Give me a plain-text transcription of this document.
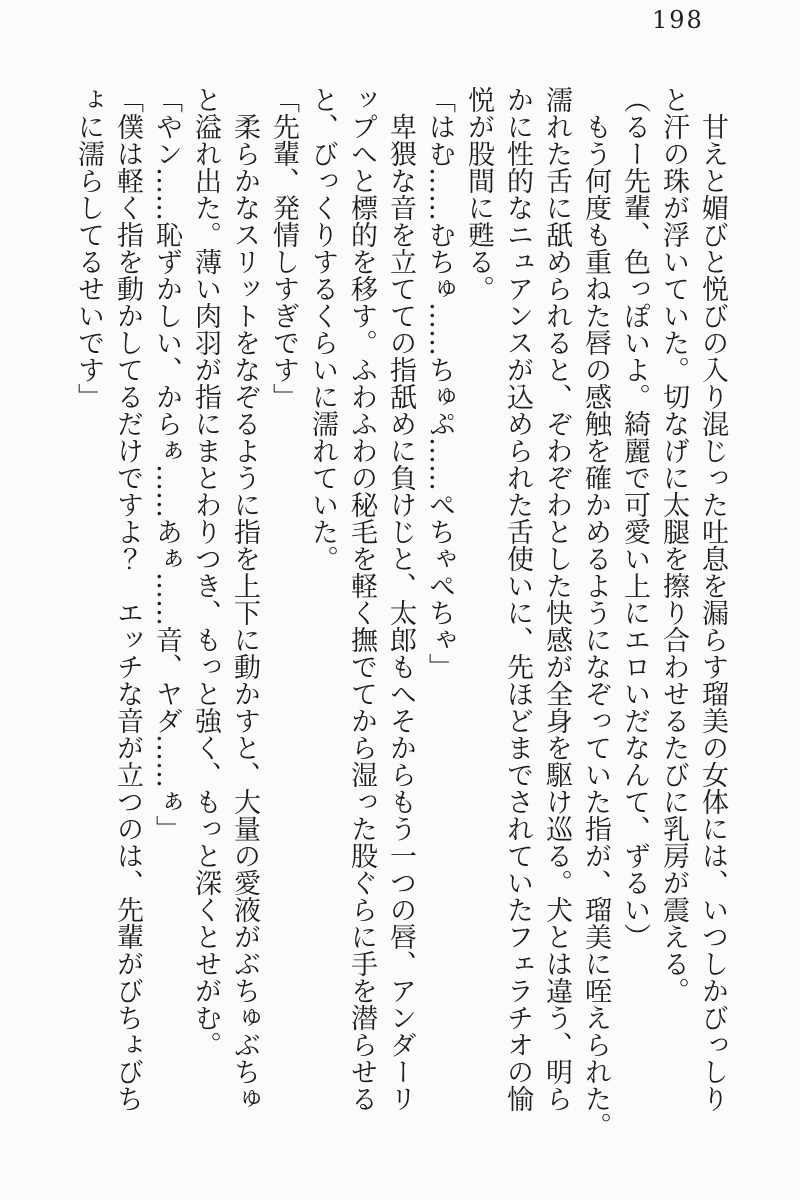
198
　甘えと媚びと悦びの入り混じった吐息を漏らす瑠美の女体には、いつしかびっしり
と汗の珠が浮いていた。切なげに太腿を擦り合わせるたびに乳房が震える。
（るー先輩、色っぽいよ。綺麗で可愛い上にエロいだなんて、ずるい）
　もう何度も重ねた唇の感触を確かめるようになぞっていた指が、瑠美に咥えられた。
濡れた舌に舐められると、ぞわぞわとした快感が全身を駆け巡る。犬とは違う、明ら
かに性的なニュアンスが込められた舌使いに、先ほどまでされていたフェラチオの愉
悦が股間に甦る。
「はむ……むちゅ……ちゅぷ……ぺちゃぺちゃ」
　卑猥な音を立てての指舐めに負けじと、太郎もへそからもう一つの唇、アンダーリ
ップへと標的を移す。ふわふわの秘毛を軽く撫でてから湿った股ぐらに手を潜らせる
と、びっくりするくらいに濡れていた。
「先輩、発情しすぎです」
　柔らかなスリットをなぞるように指を上下に動かすと、大量の愛液がぶちゅぶちゅ
と溢れ出た。薄い肉羽が指にまとわりつき、もっと強く、もっと深くとせがむ。
「やン……恥ずかしい、からぁ……あぁ……音、ヤダ……ぁ」
「僕は軽く指を動かしてるだけですよ？　エッチな音が立つのは、先輩がびちょびち
ょに濡らしてるせいです」
